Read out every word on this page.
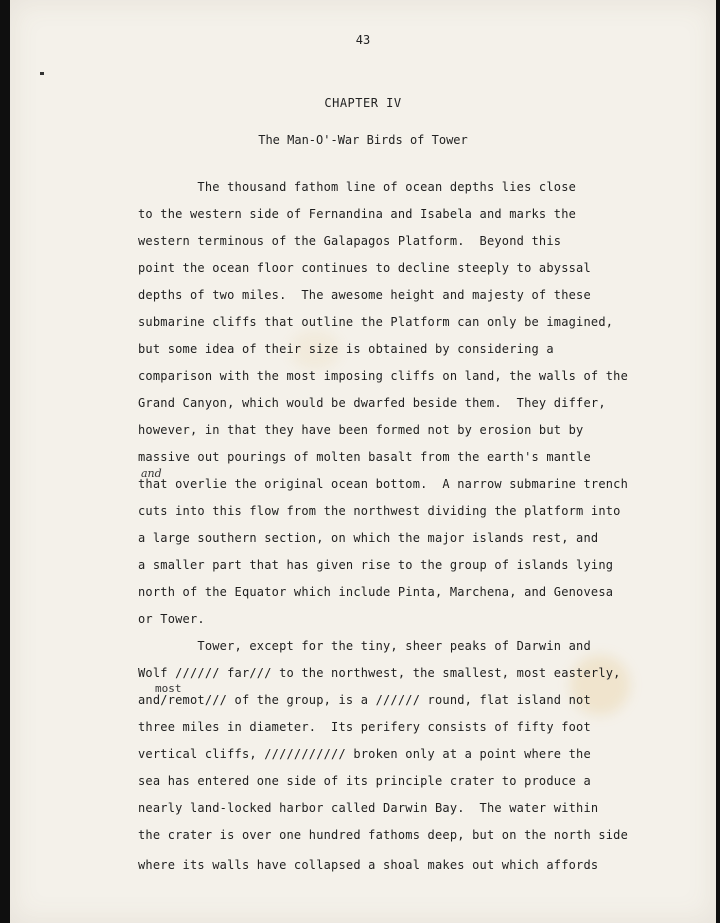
43
CHAPTER IV
The Man-O'-War Birds of Tower
The thousand fathom line of ocean depths lies close
to the western side of Fernandina and Isabela and marks the
western terminous of the Galapagos Platform.  Beyond this
point the ocean floor continues to decline steeply to abyssal
depths of two miles.  The awesome height and majesty of these
submarine cliffs that outline the Platform can only be imagined,
but some idea of their size is obtained by considering a
comparison with the most imposing cliffs on land, the walls of the
Grand Canyon, which would be dwarfed beside them.  They differ,
however, in that they have been formed not by erosion but by
massive out pourings of molten basalt from the earth's mantle
and
that overlie the original ocean bottom.  A narrow submarine trench
cuts into this flow from the northwest dividing the platform into
a large southern section, on which the major islands rest, and
a smaller part that has given rise to the group of islands lying
north of the Equator which include Pinta, Marchena, and Genovesa
or Tower.
Tower, except for the tiny, sheer peaks of Darwin and
Wolf ////// far/// to the northwest, the smallest, most easterly,
most
and/remot/// of the group, is a ////// round, flat island not
three miles in diameter.  Its perifery consists of fifty foot
vertical cliffs, /////////// broken only at a point where the
sea has entered one side of its principle crater to produce a
nearly land-locked harbor called Darwin Bay.  The water within
the crater is over one hundred fathoms deep, but on the north side
where its walls have collapsed a shoal makes out which affords
